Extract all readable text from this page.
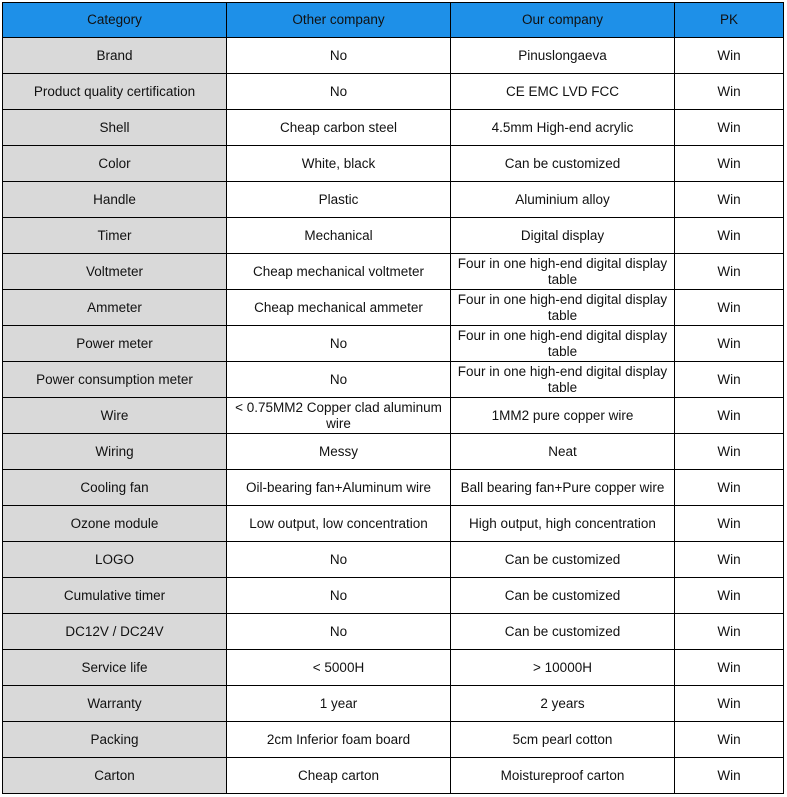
Category	Other company	Our company	PK
Brand	No	Pinuslongaeva	Win
Product quality certification	No	CE EMC LVD FCC	Win
Shell	Cheap carbon steel	4.5mm High-end acrylic	Win
Color	White, black	Can be customized	Win
Handle	Plastic	Aluminium alloy	Win
Timer	Mechanical	Digital display	Win
Voltmeter	Cheap mechanical voltmeter	Four in one high-end digital display table	Win
Ammeter	Cheap mechanical ammeter	Four in one high-end digital display table	Win
Power meter	No	Four in one high-end digital display table	Win
Power consumption meter	No	Four in one high-end digital display table	Win
Wire	< 0.75MM2 Copper clad aluminum wire	1MM2 pure copper wire	Win
Wiring	Messy	Neat	Win
Cooling fan	Oil-bearing fan+Aluminum wire	Ball bearing fan+Pure copper wire	Win
Ozone module	Low output, low concentration	High output, high concentration	Win
LOGO	No	Can be customized	Win
Cumulative timer	No	Can be customized	Win
DC12V / DC24V	No	Can be customized	Win
Service life	< 5000H	> 10000H	Win
Warranty	1 year	2 years	Win
Packing	2cm Inferior foam board	5cm pearl cotton	Win
Carton	Cheap carton	Moistureproof carton	Win
